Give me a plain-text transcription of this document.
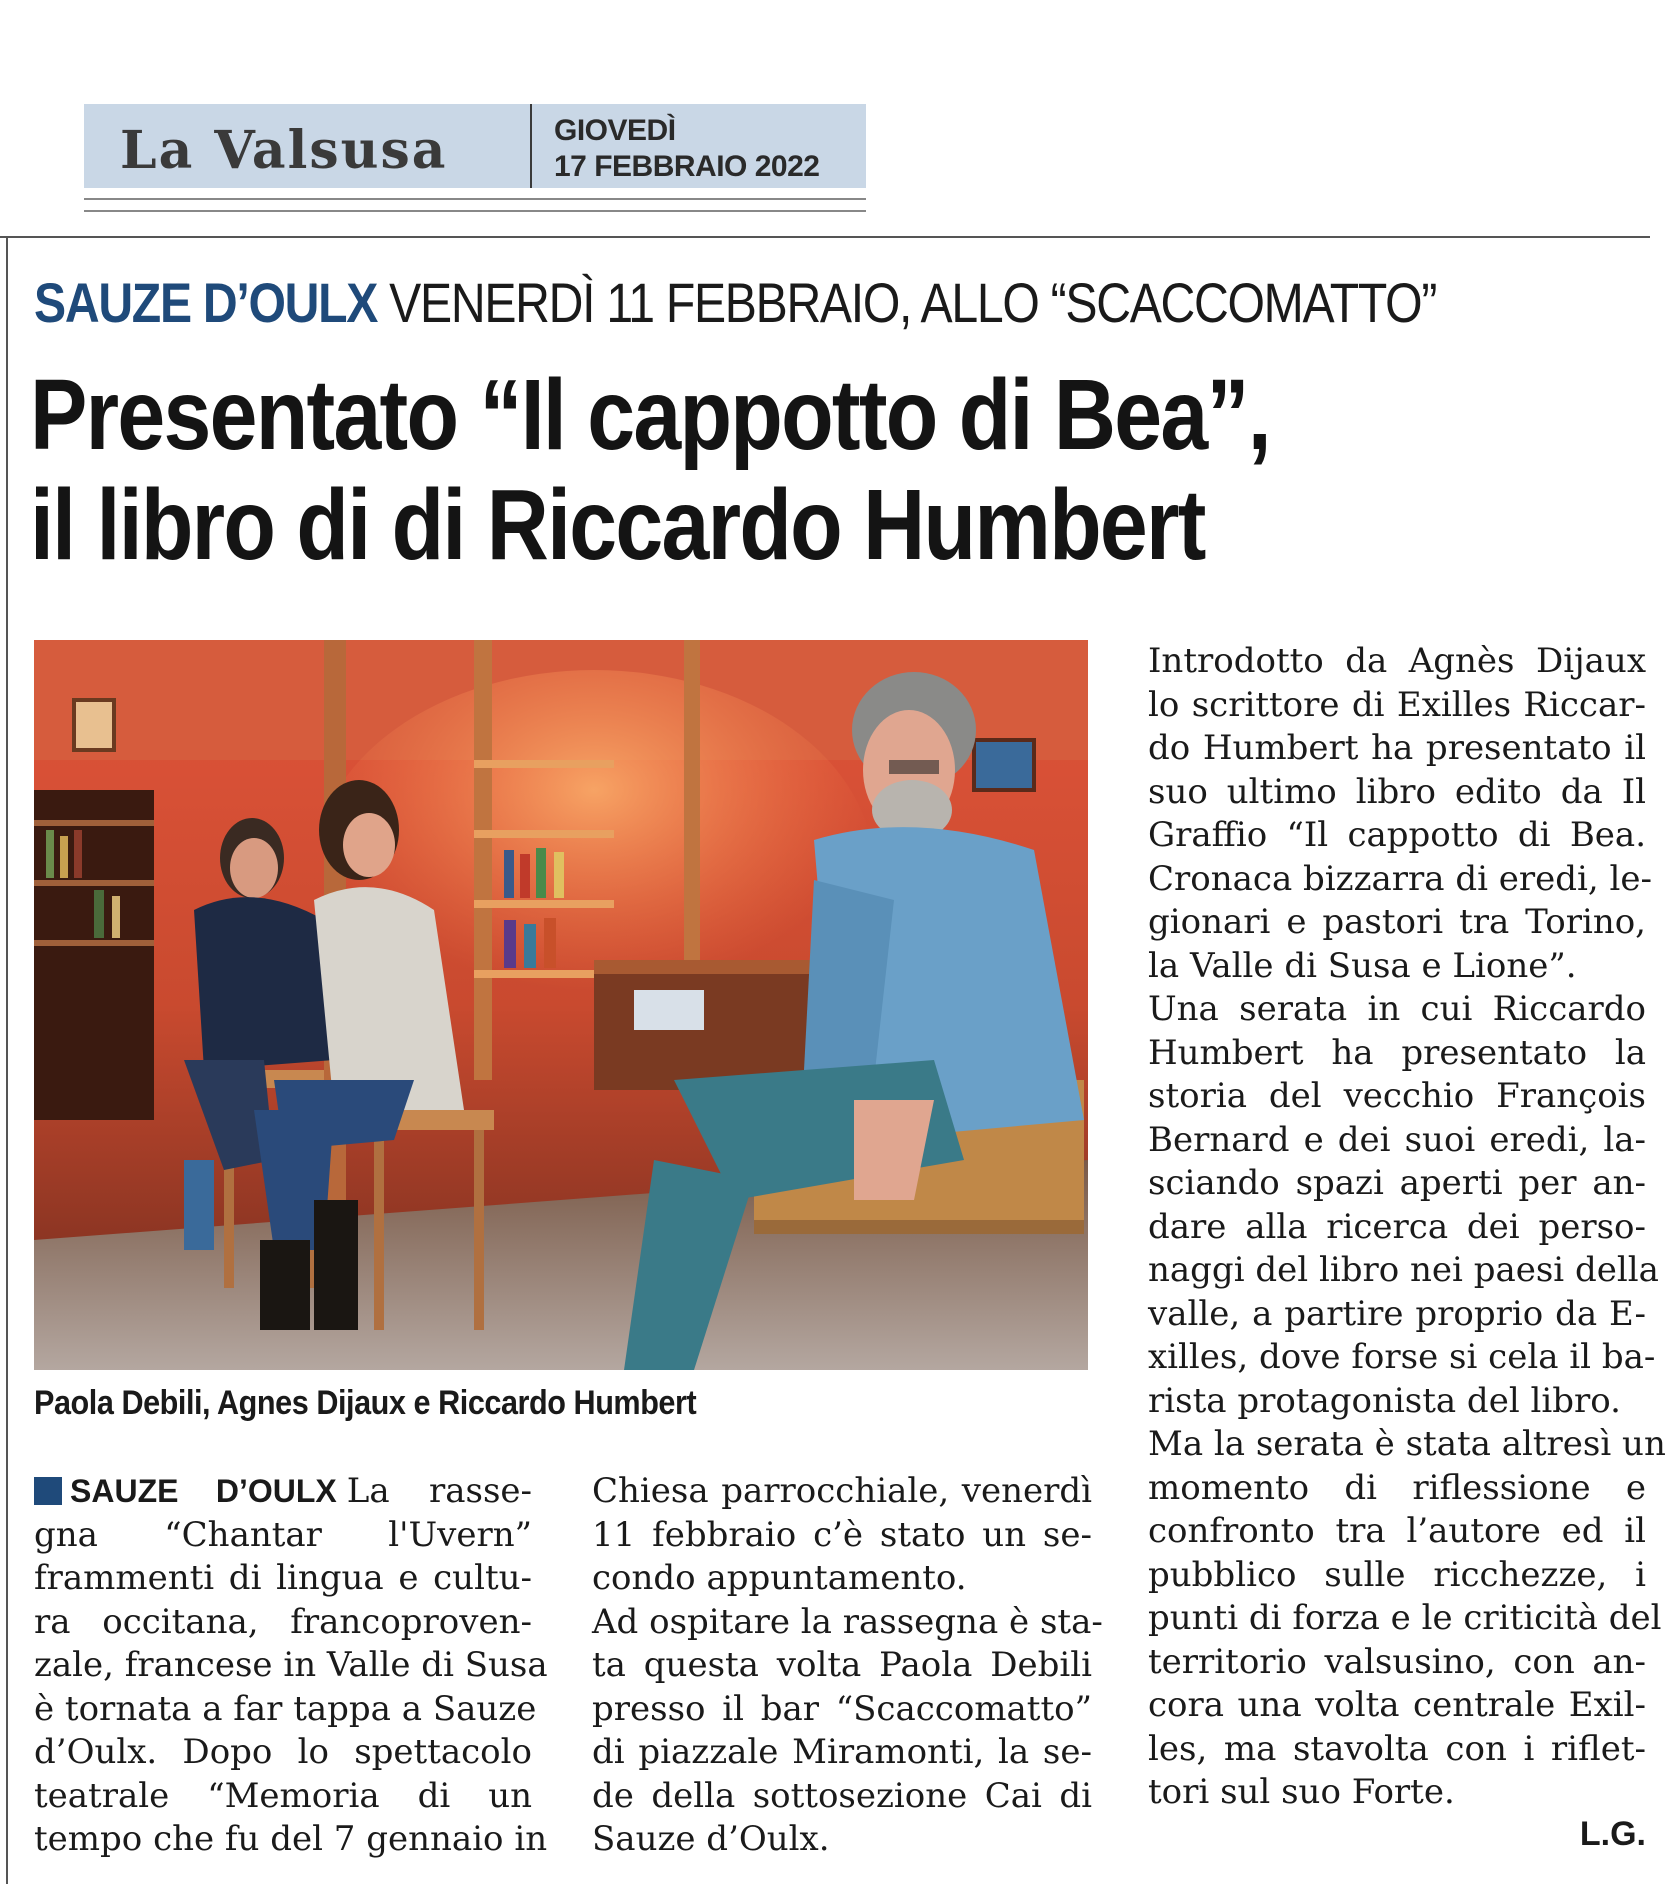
La Valsusa	GIOVEDÌ
17 FEBBRAIO 2022
SAUZE D’OULX VENERDÌ 11 FEBBRAIO, ALLO “SCACCOMATTO”
Presentato “Il cappotto di Bea”,
il libro di di Riccardo Humbert
Paola Debili, Agnes Dijaux e Riccardo Humbert
SAUZE D’OULX La rasse-
gna “Chantar l'Uvern”
frammenti di lingua e cultu-
ra occitana, francoproven-
zale, francese in Valle di Susa
è tornata a far tappa a Sauze
d’Oulx. Dopo lo spettacolo
teatrale “Memoria di un
tempo che fu del 7 gennaio in
Chiesa parrocchiale, venerdì
11 febbraio c’è stato un se-
condo appuntamento.
Ad ospitare la rassegna è sta-
ta questa volta Paola Debili
presso il bar “Scaccomatto”
di piazzale Miramonti, la se-
de della sottosezione Cai di
Sauze d’Oulx.
Introdotto da Agnès Dijaux
lo scrittore di Exilles Riccar-
do Humbert ha presentato il
suo ultimo libro edito da Il
Graffio “Il cappotto di Bea.
Cronaca bizzarra di eredi, le-
gionari e pastori tra Torino,
la Valle di Susa e Lione”.
Una serata in cui Riccardo
Humbert ha presentato la
storia del vecchio François
Bernard e dei suoi eredi, la-
sciando spazi aperti per an-
dare alla ricerca dei perso-
naggi del libro nei paesi della
valle, a partire proprio da E-
xilles, dove forse si cela il ba-
rista protagonista del libro.
Ma la serata è stata altresì un
momento di riflessione e
confronto tra l’autore ed il
pubblico sulle ricchezze, i
punti di forza e le criticità del
territorio valsusino, con an-
cora una volta centrale Exil-
les, ma stavolta con i riflet-
tori sul suo Forte.
L.G.
